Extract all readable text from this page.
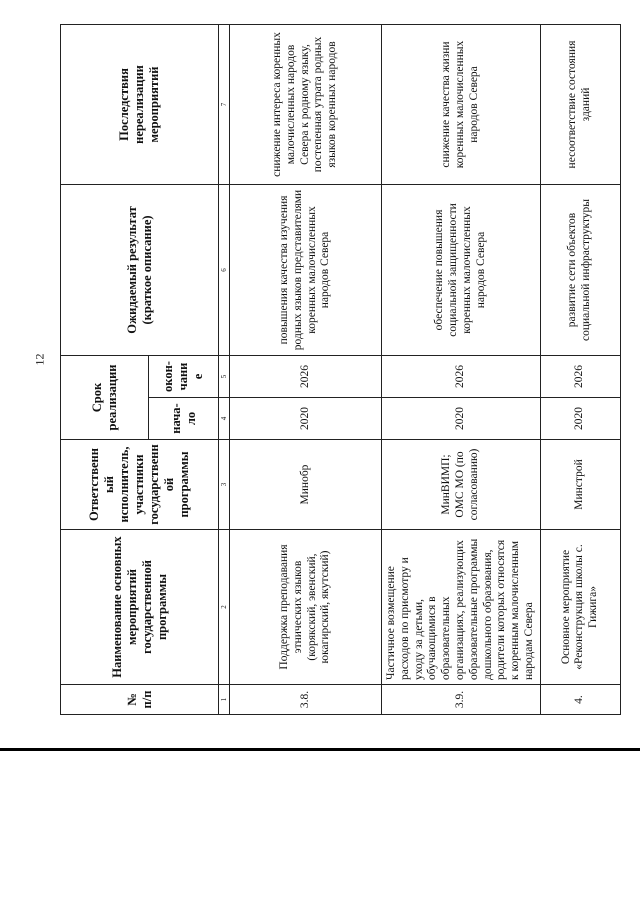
12
№ п/п	Наименование основных мероприятий государственной программы	Ответственный исполнитель, участники государственной программы	Срок реализации		Ожидаемый результат (краткое описание)	Последствия нереализации мероприятий
			нача-ло	окон-чание		
1	2	3	4	5	6	7
3.8.	Поддержка преподавания этнических языков (корякский, эвенский, юкагирский, якутский)	Минобр	2020	2026	повышения качества изучения родных языков представителями коренных малочисленных народов Севера	снижение интереса коренных малочисленных народов Севера к родному языку, постепенная утрата родных языков коренных народов
3.9.	Частичное возмещение расходов по присмотру и уходу за детьми, обучающимися в образовательных организациях, реализующих образовательные программы дошкольного образования, родители которых относятся к коренным малочисленным народам Севера	МинВИМП; ОМС МО (по согласованию)	2020	2026	обеспечение повышения социальной защищенности коренных малочисленных народов Севера	снижение качества жизни коренных малочисленных народов Севера
4.	Основное мероприятие «Реконструкция школы с. Гижига»	Минстрой	2020	2026	развитие сети объектов социальной инфраструктуры	несоответствие состояния зданий
